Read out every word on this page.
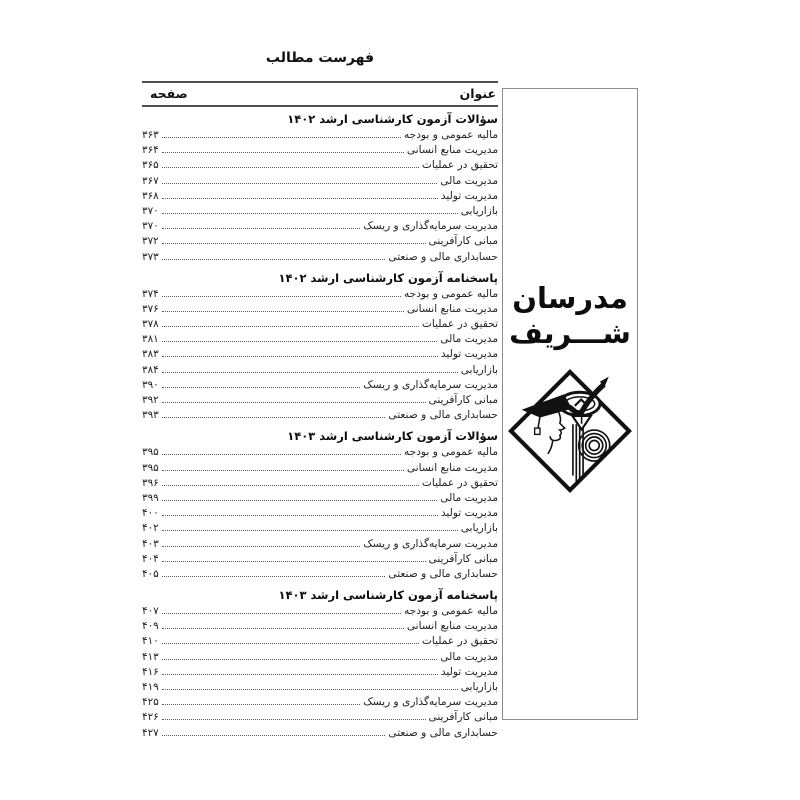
فهرست مطالب
عنوان
صفحه
سؤالات آزمون کارشناسی ارشد ۱۴۰۲
مالیه عمومی و بودجه
۳۶۳
مدیریت منابع انسانی
۳۶۴
تحقیق در عملیات
۳۶۵
مدیریت مالی
۳۶۷
مدیریت تولید
۳۶۸
بازاریابی
۳۷۰
مدیریت سرمایه‌گذاری و ریسک
۳۷۰
مبانی کارآفرینی
۳۷۲
حسابداری مالی و صنعتی
۳۷۳
پاسخنامه آزمون کارشناسی ارشد ۱۴۰۲
مالیه عمومی و بودجه
۳۷۴
مدیریت منابع انسانی
۳۷۶
تحقیق در عملیات
۳۷۸
مدیریت مالی
۳۸۱
مدیریت تولید
۳۸۳
بازاریابی
۳۸۴
مدیریت سرمایه‌گذاری و ریسک
۳۹۰
مبانی کارآفرینی
۳۹۲
حسابداری مالی و صنعتی
۳۹۳
سؤالات آزمون کارشناسی ارشد ۱۴۰۳
مالیه عمومی و بودجه
۳۹۵
مدیریت منابع انسانی
۳۹۵
تحقیق در عملیات
۳۹۶
مدیریت مالی
۳۹۹
مدیریت تولید
۴۰۰
بازاریابی
۴۰۲
مدیریت سرمایه‌گذاری و ریسک
۴۰۳
مبانی کارآفرینی
۴۰۴
حسابداری مالی و صنعتی
۴۰۵
پاسخنامه آزمون کارشناسی ارشد ۱۴۰۳
مالیه عمومی و بودجه
۴۰۷
مدیریت منابع انسانی
۴۰۹
تحقیق در عملیات
۴۱۰
مدیریت مالی
۴۱۳
مدیریت تولید
۴۱۶
بازاریابی
۴۱۹
مدیریت سرمایه‌گذاری و ریسک
۴۲۵
مبانی کارآفرینی
۴۲۶
حسابداری مالی و صنعتی
۴۲۷
مدرسان
شـــریف
